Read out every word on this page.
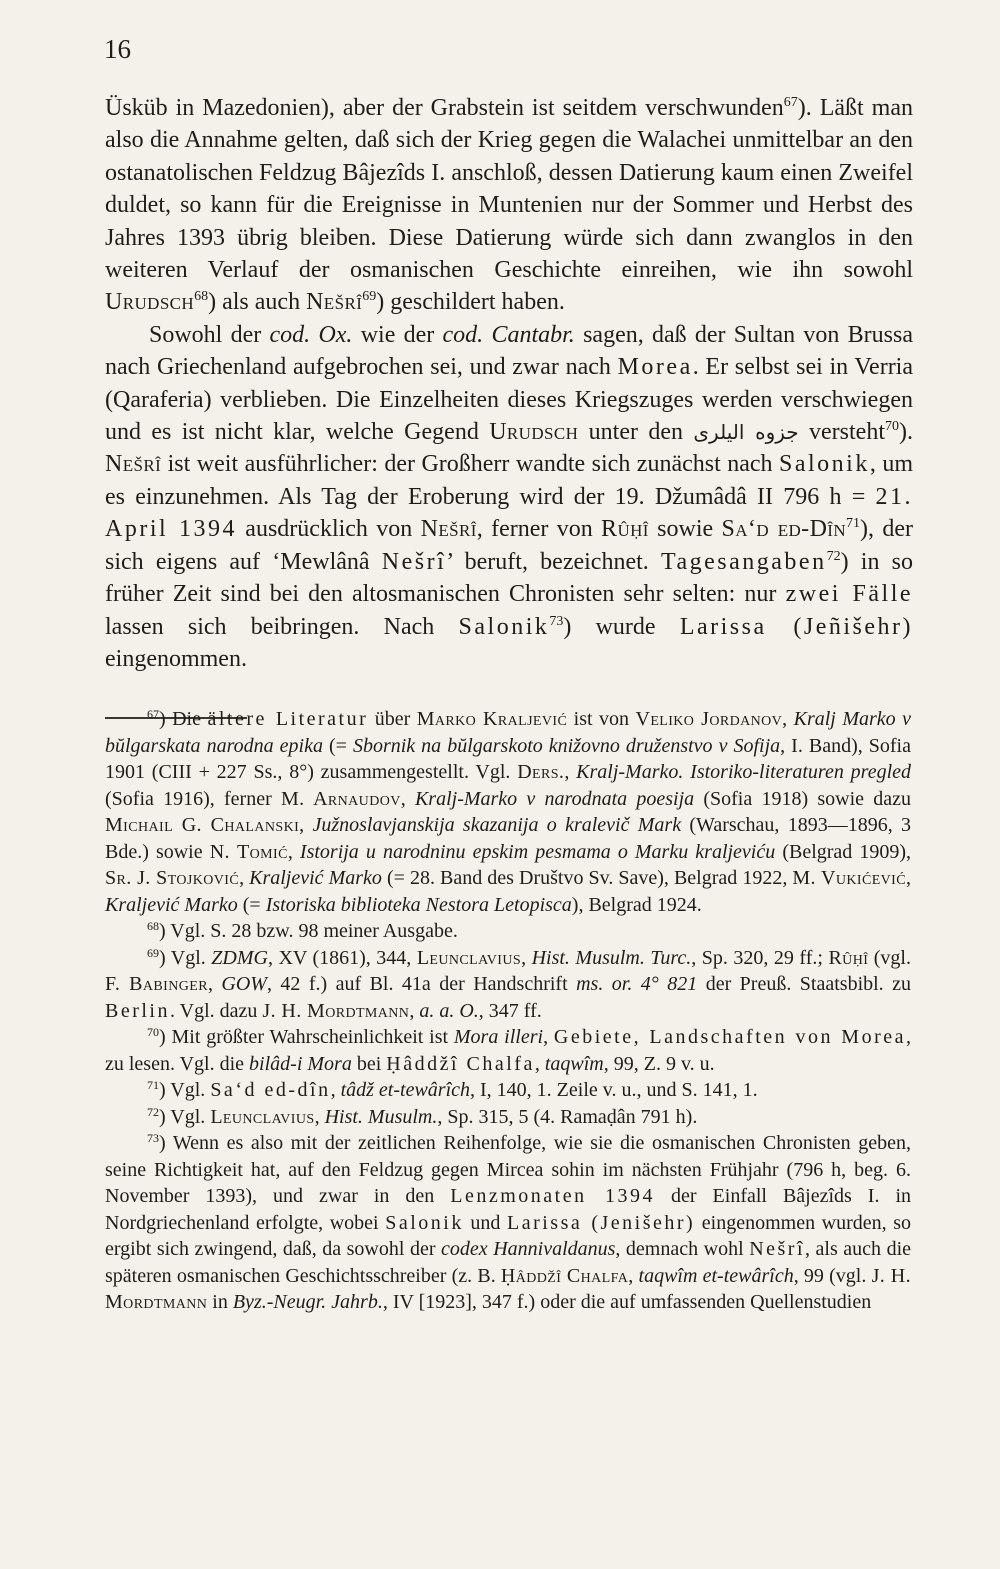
16

Üsküb in Mazedonien), aber der Grabstein ist seitdem verschwunden$^{67}$). Läßt man also die Annahme gelten, daß sich der Krieg gegen die Walachei unmittelbar an den ostanatolischen Feldzug Bâjezîds I. anschloß, dessen Datierung kaum einen Zweifel duldet, so kann für die Ereignisse in Muntenien nur der Sommer und Herbst des Jahres 1393 übrig bleiben. Diese Datierung würde sich dann zwanglos in den weiteren Verlauf der osmanischen Geschichte einreihen, wie ihn sowohl Urudsch$^{68}$) als auch Nešrî$^{69}$) geschildert haben.

Sowohl der cod. Ox. wie der cod. Cantabr. sagen, daß der Sultan von Brussa nach Griechenland aufgebrochen sei, und zwar nach Morea. Er selbst sei in Verria (Qaraferia) verblieben. Die Einzelheiten dieses Kriegszuges werden verschwiegen und es ist nicht klar, welche Gegend Urudsch unter den جزوه الیلری versteht$^{70}$). Nešrî ist weit ausführlicher: der Großherr wandte sich zunächst nach Salonik, um es einzunehmen. Als Tag der Eroberung wird der 19. Džumâdâ II 796 h = 21. April 1394 ausdrücklich von Nešrî, ferner von Rûḥî sowie Sa‘d ed-Dîn$^{71}$), der sich eigens auf ‘Mewlânâ Nešrî’ beruft, bezeichnet. Tagesangaben$^{72}$) in so früher Zeit sind bei den altosmanischen Chronisten sehr selten: nur zwei Fälle lassen sich beibringen. Nach Salonik$^{73}$) wurde Larissa (Jeñišehr) eingenommen.

$^{67}$) Die ältere Literatur über Marko Kraljević ist von Veliko Jordanov, Kralj Marko v bŭlgarskata narodna epika (= Sbornik na bŭlgarskoto knižovno druženstvo v Sofija, I. Band), Sofia 1901 (CIII + 227 Ss., 8°) zusammengestellt. Vgl. Ders., Kralj-Marko. Istoriko-literaturen pregled (Sofia 1916), ferner M. Arnaudov, Kralj-Marko v narodnata poesija (Sofia 1918) sowie dazu Michail G. Chalanski, Južnoslavjanskija skazanija o kralevič Mark (Warschau, 1893—1896, 3 Bde.) sowie N. Tomić, Istorija u narodninu epskim pesmama o Marku kraljeviću (Belgrad 1909), Sr. J. Stojković, Kraljević Marko (= 28. Band des Društvo Sv. Save), Belgrad 1922, M. Vukićević, Kraljević Marko (= Istoriska biblioteka Nestora Letopisca), Belgrad 1924.

$^{68}$) Vgl. S. 28 bzw. 98 meiner Ausgabe.

$^{69}$) Vgl. ZDMG, XV (1861), 344, Leunclavius, Hist. Musulm. Turc., Sp. 320, 29 ff.; Rûḥî (vgl. F. Babinger, GOW, 42 f.) auf Bl. 41a der Handschrift ms. or. 4° 821 der Preuß. Staatsbibl. zu Berlin. Vgl. dazu J. H. Mordtmann, a. a. O., 347 ff.

$^{70}$) Mit größter Wahrscheinlichkeit ist Mora illeri, Gebiete, Landschaften von Morea, zu lesen. Vgl. die bilâd-i Mora bei Ḥâddžî Chalfa, taqwîm, 99, Z. 9 v. u.

$^{71}$) Vgl. Sa‘d ed-dîn, tâdž et-tewârîch, I, 140, 1. Zeile v. u., und S. 141, 1.

$^{72}$) Vgl. Leunclavius, Hist. Musulm., Sp. 315, 5 (4. Ramaḍân 791 h).

$^{73}$) Wenn es also mit der zeitlichen Reihenfolge, wie sie die osmanischen Chronisten geben, seine Richtigkeit hat, auf den Feldzug gegen Mircea sohin im nächsten Frühjahr (796 h, beg. 6. November 1393), und zwar in den Lenzmonaten 1394 der Einfall Bâjezîds I. in Nordgriechenland erfolgte, wobei Salonik und Larissa (Jenišehr) eingenommen wurden, so ergibt sich zwingend, daß, da sowohl der codex Hannivaldanus, demnach wohl Nešrî, als auch die späteren osmanischen Geschichtsschreiber (z. B. Ḥâddžî Chalfa, taqwîm et-tewârîch, 99 (vgl. J. H. Mordtmann in Byz.-Neugr. Jahrb., IV [1923], 347 f.) oder die auf umfassenden Quellenstudien
